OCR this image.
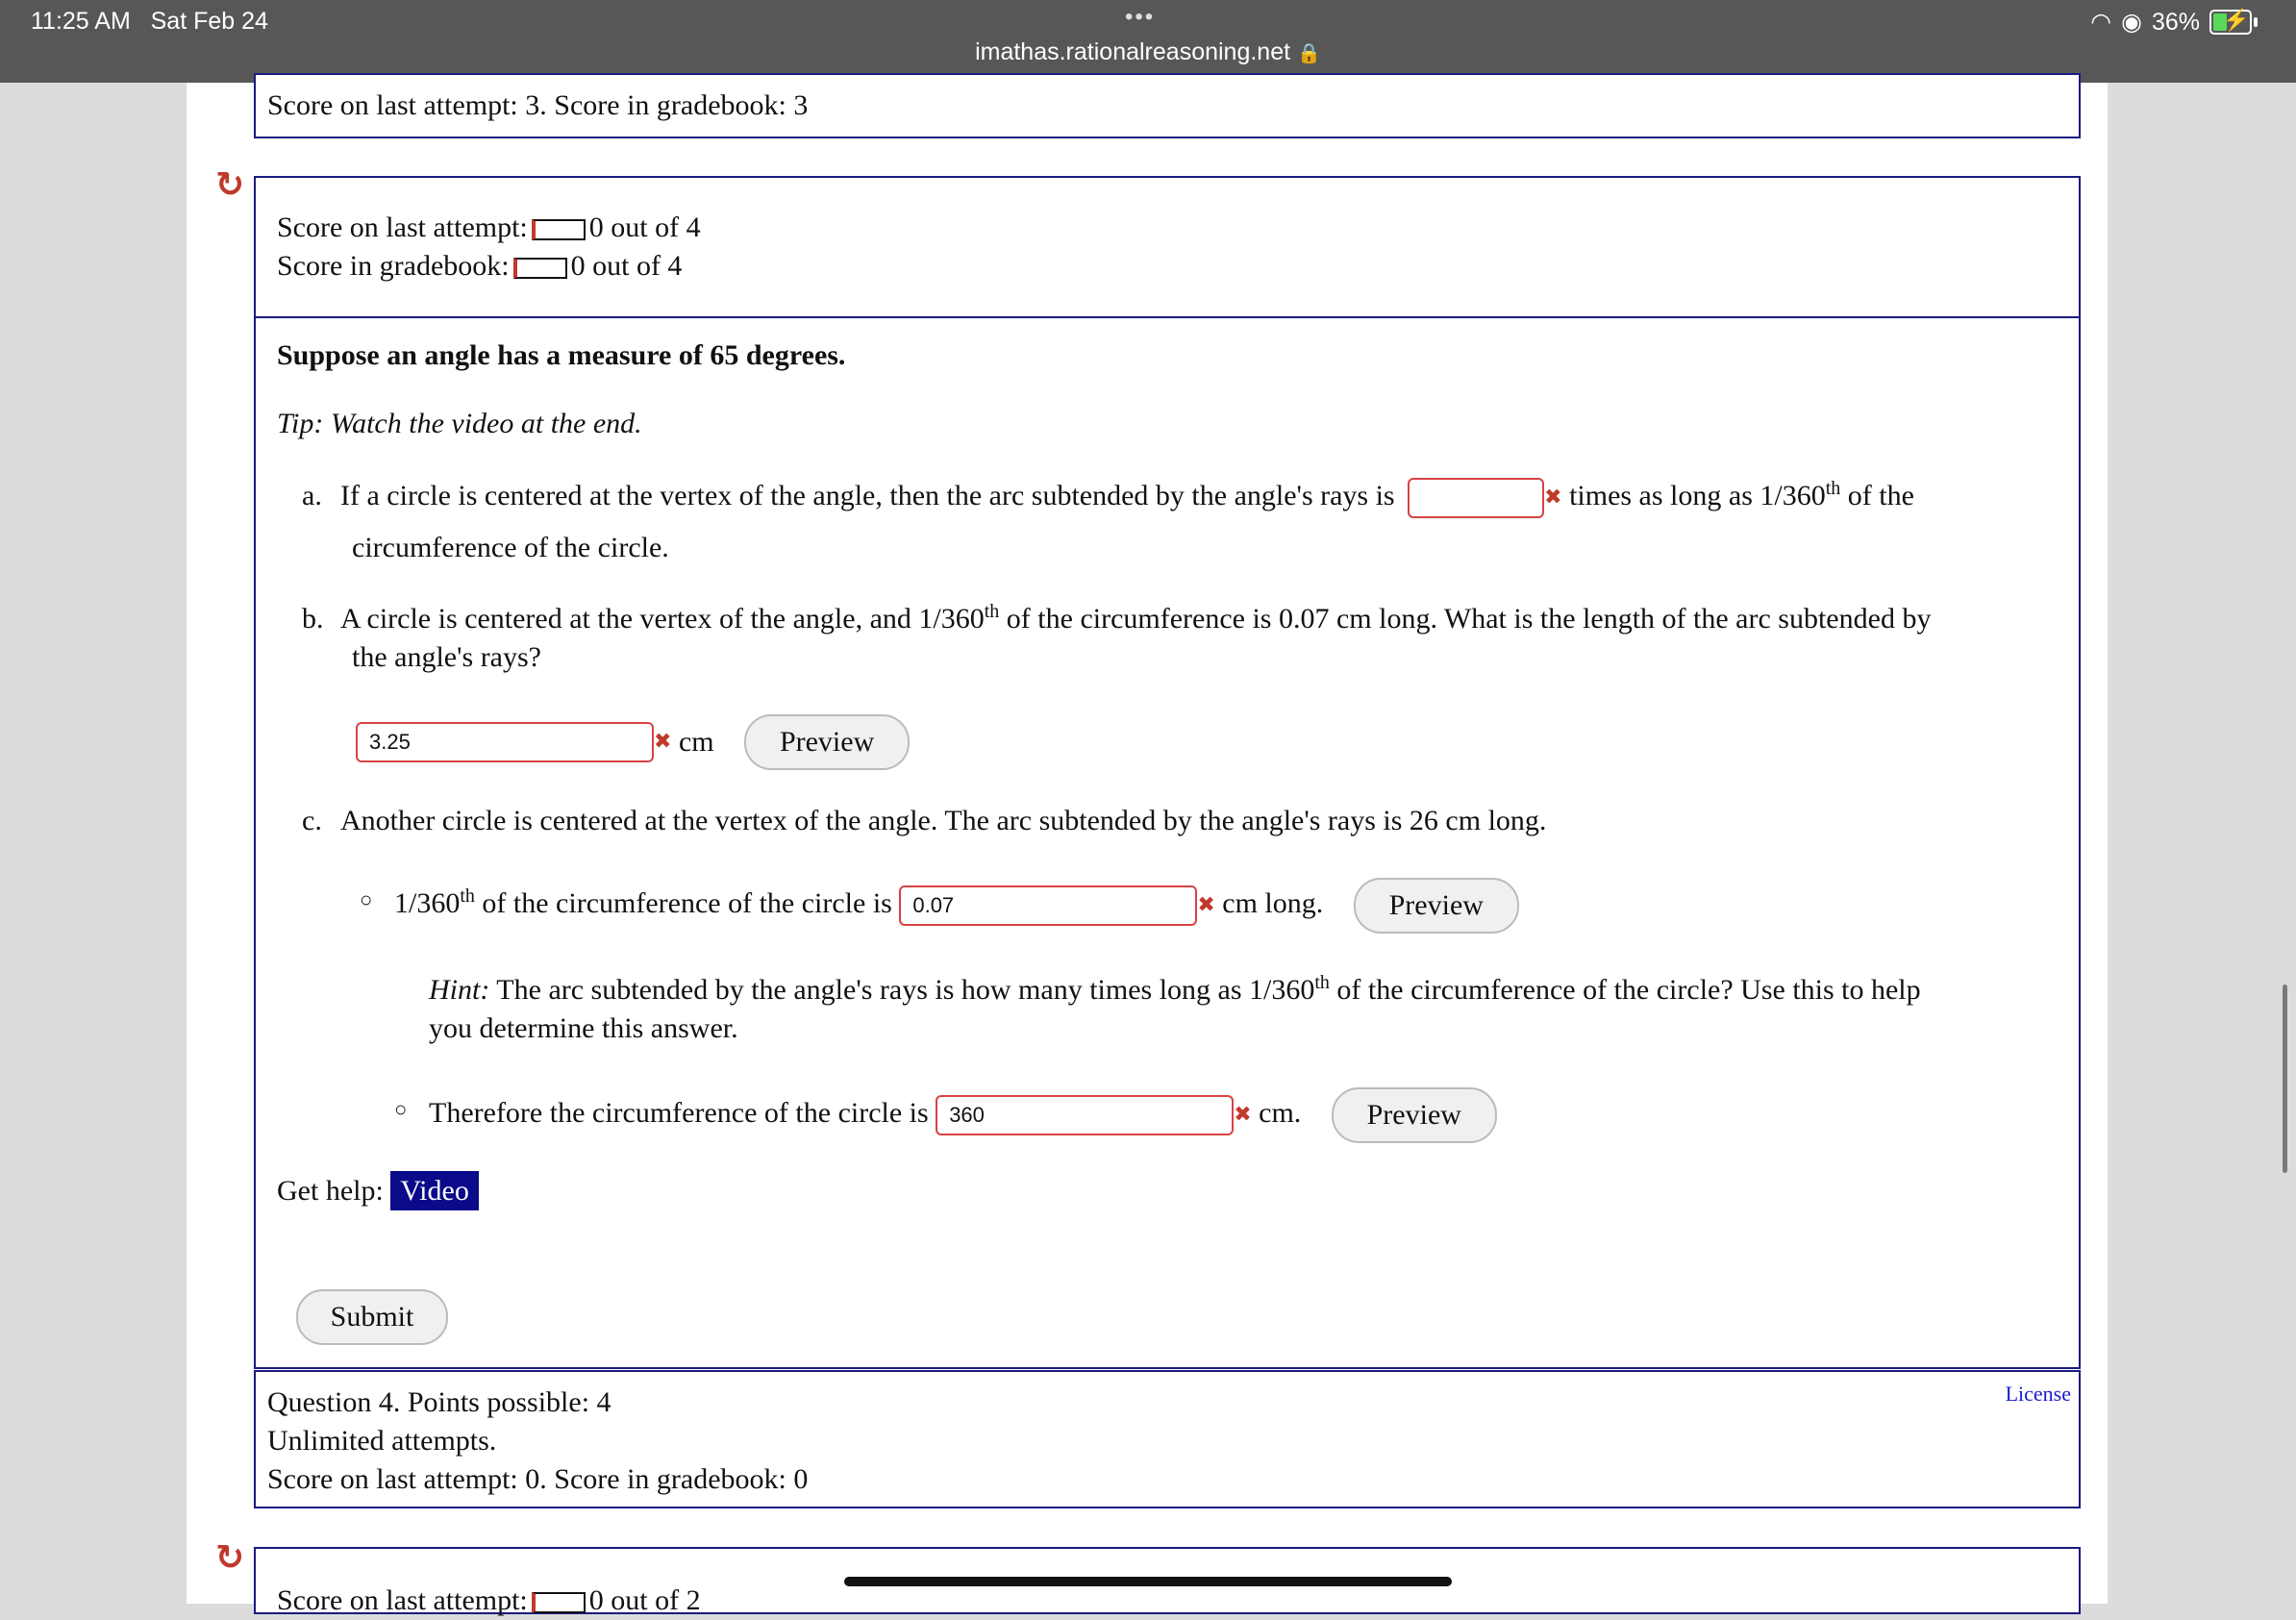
11:25 AM Sat Feb 24	•••
imathas.rationalreasoning.net 🔒
◠ ◉ 36% ⚡
Score on last attempt: 3. Score in gradebook: 3
↻
Score on last attempt: 0 out of 4
Score in gradebook: 0 out of 4
Suppose an angle has a measure of 65 degrees.
Tip: Watch the video at the end.
a. If a circle is centered at the vertex of the angle, then the arc subtended by the angle's rays is	✖ times as long as 1/360th of the
circumference of the circle.
b. A circle is centered at the vertex of the angle, and 1/360th of the circumference is 0.07 cm long. What is the length of the arc subtended by
the angle's rays?
3.25	✖ cm Preview
c. Another circle is centered at the vertex of the angle. The arc subtended by the angle's rays is 26 cm long.
○ 1/360th of the circumference of the circle is 0.07	✖ cm long. Preview
Hint: The arc subtended by the angle's rays is how many times long as 1/360th of the circumference of the circle? Use this to help
you determine this answer.
○ Therefore the circumference of the circle is 360	✖ cm. Preview
Get help: Video
Submit
Question 4. Points possible: 4
Unlimited attempts.
Score on last attempt: 0. Score in gradebook: 0
License
↻
Score on last attempt: 0 out of 2
